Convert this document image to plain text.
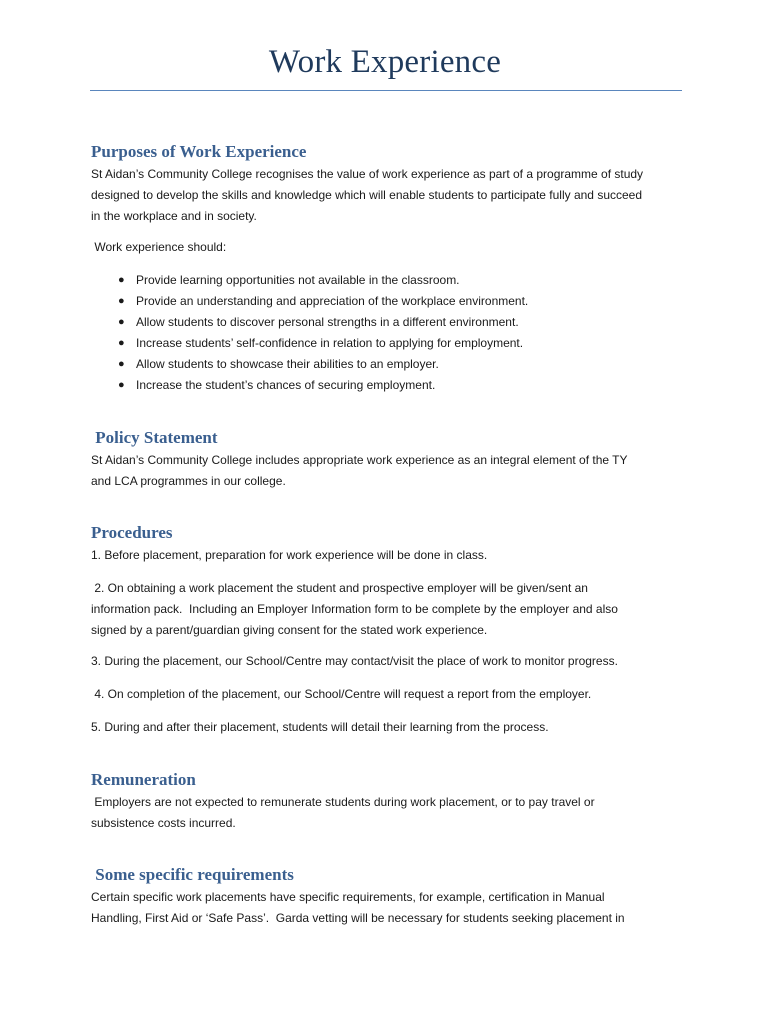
Work Experience
Purposes of Work Experience
St Aidan’s Community College recognises the value of work experience as part of a programme of study
designed to develop the skills and knowledge which will enable students to participate fully and succeed
in the workplace and in society.
Work experience should:
● Provide learning opportunities not available in the classroom.
● Provide an understanding and appreciation of the workplace environment.
● Allow students to discover personal strengths in a different environment.
● Increase students’ self-confidence in relation to applying for employment.
● Allow students to showcase their abilities to an employer.
● Increase the student’s chances of securing employment.
Policy Statement
St Aidan’s Community College includes appropriate work experience as an integral element of the TY
and LCA programmes in our college.
Procedures
1. Before placement, preparation for work experience will be done in class.
2. On obtaining a work placement the student and prospective employer will be given/sent an
information pack.  Including an Employer Information form to be complete by the employer and also
signed by a parent/guardian giving consent for the stated work experience.
3. During the placement, our School/Centre may contact/visit the place of work to monitor progress.
4. On completion of the placement, our School/Centre will request a report from the employer.
5. During and after their placement, students will detail their learning from the process.
Remuneration
Employers are not expected to remunerate students during work placement, or to pay travel or
subsistence costs incurred.
Some specific requirements
Certain specific work placements have specific requirements, for example, certification in Manual
Handling, First Aid or ‘Safe Pass’.  Garda vetting will be necessary for students seeking placement in
